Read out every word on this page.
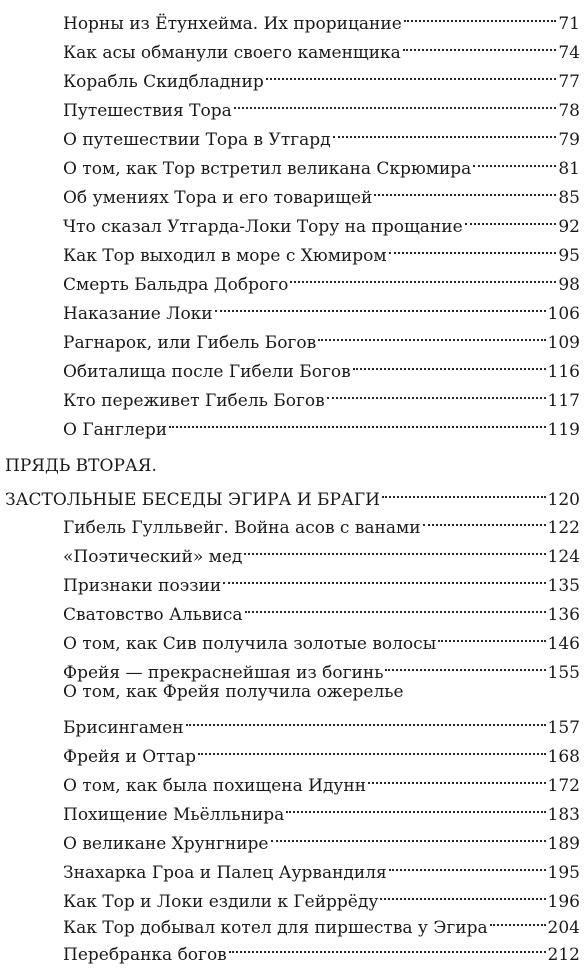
Норны из Ётунхейма. Их прорицание	71
Как асы обманули своего каменщика	74
Корабль Скидбладнир	77
Путешествия Тора	78
О путешествии Тора в Утгард	79
О том, как Тор встретил великана Скрюмира	81
Об умениях Тора и его товарищей	85
Что сказал Утгарда-Локи Тору на прощание	92
Как Тор выходил в море с Хюмиром	95
Смерть Бальдра Доброго	98
Наказание Локи	106
Рагнарок, или Гибель Богов	109
Обиталища после Гибели Богов	116
Кто переживет Гибель Богов	117
О Ганглери	119
ПРЯДЬ ВТОРАЯ.
ЗАСТОЛЬНЫЕ БЕСЕДЫ ЭГИРА И БРАГИ	120
Гибель Гулльвейг. Война асов с ванами	122
«Поэтический» мед	124
Признаки поэзии	135
Сватовство Альвиса	136
О том, как Сив получила золотые волосы	146
Фрейя — прекраснейшая из богинь	155
О том, как Фрейя получила ожерелье
Брисингамен	157
Фрейя и Оттар	168
О том, как была похищена Идунн	172
Похищение Мьёлльнира	183
О великане Хрунгнире	189
Знахарка Гроа и Палец Аурвандиля	195
Как Тор и Локи ездили к Гейррёду	196
Как Тор добывал котел для пиршества у Эгира	204
Перебранка богов	212
